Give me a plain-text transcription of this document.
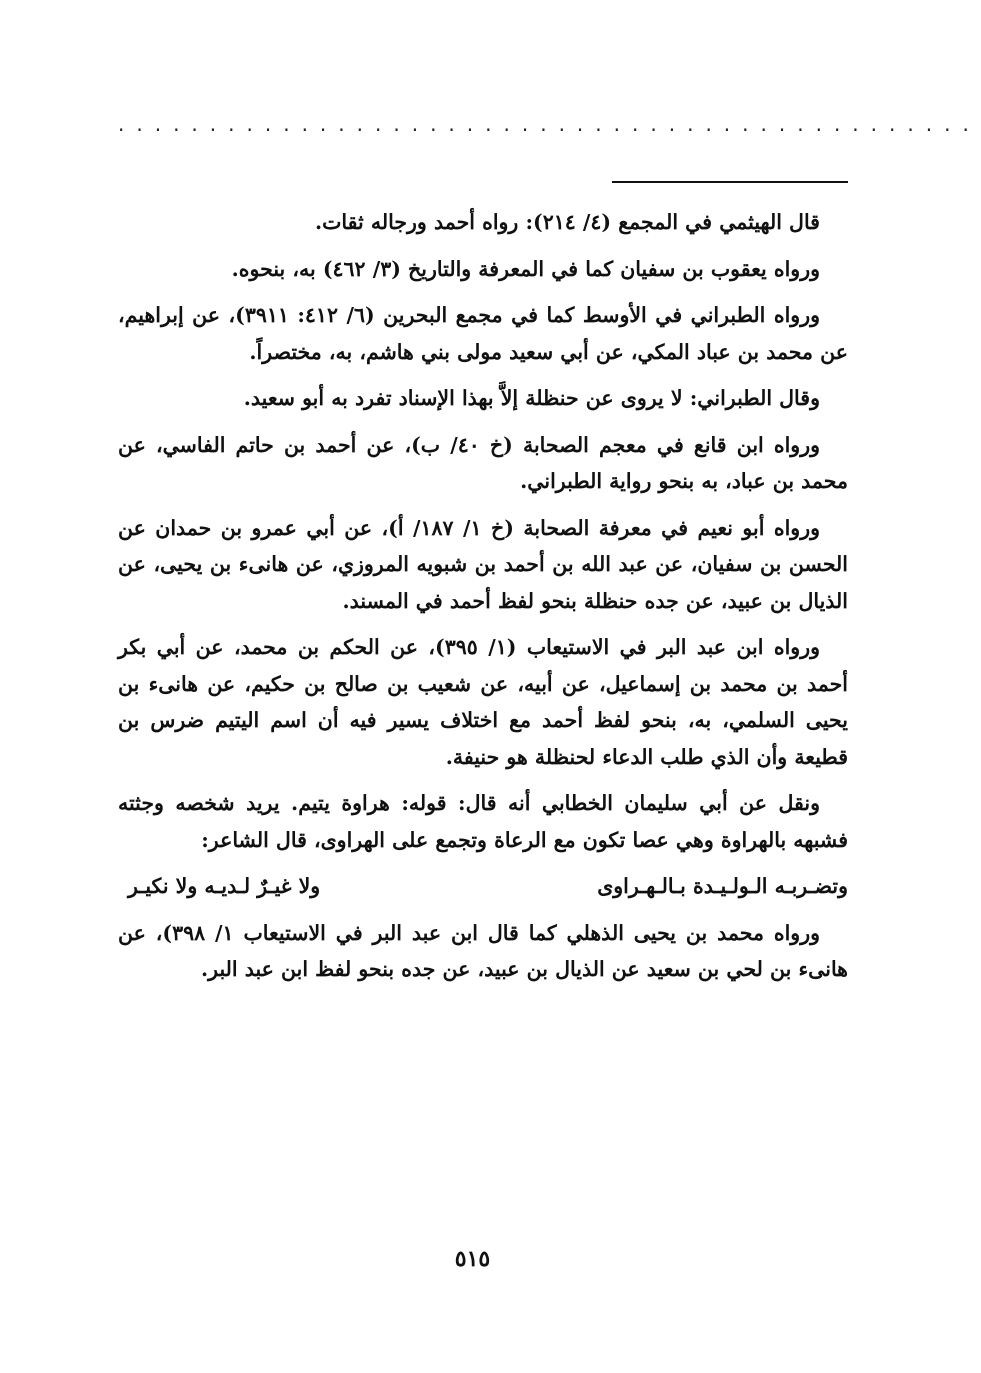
...............................................

قال الهيثمي في المجمع (٤/ ٢١٤): رواه أحمد ورجاله ثقات.

ورواه يعقوب بن سفيان كما في المعرفة والتاريخ (٣/ ٤٦٢) به، بنحوه.

ورواه الطبراني في الأوسط كما في مجمع البحرين (٦/ ٤١٢: ٣٩١١)، عن إبراهيم، عن محمد بن عباد المكي، عن أبي سعيد مولى بني هاشم، به، مختصراً.

وقال الطبراني: لا يروى عن حنظلة إلاَّ بهذا الإسناد تفرد به أبو سعيد.

ورواه ابن قانع في معجم الصحابة (خ ٤٠/ ب)، عن أحمد بن حاتم الفاسي، عن محمد بن عباد، به بنحو رواية الطبراني.

ورواه أبو نعيم في معرفة الصحابة (خ ١/ ١٨٧/ أ)، عن أبي عمرو بن حمدان عن الحسن بن سفيان، عن عبد الله بن أحمد بن شبويه المروزي، عن هانىء بن يحيى، عن الذيال بن عبيد، عن جده حنظلة بنحو لفظ أحمد في المسند.

ورواه ابن عبد البر في الاستيعاب (١/ ٣٩٥)، عن الحكم بن محمد، عن أبي بكر أحمد بن محمد بن إسماعيل، عن أبيه، عن شعيب بن صالح بن حكيم، عن هانىء بن يحيى السلمي، به، بنحو لفظ أحمد مع اختلاف يسير فيه أن اسم اليتيم ضرس بن قطيعة وأن الذي طلب الدعاء لحنظلة هو حنيفة.

ونقل عن أبي سليمان الخطابي أنه قال: قوله: هراوة يتيم. يريد شخصه وجثته فشبهه بالهراوة وهي عصا تكون مع الرعاة وتجمع على الهراوى، قال الشاعر:

وتضـربـه الـولـيـدة بـالـهـراوى
ولا غيـرٌ لـديـه ولا نكيـر

ورواه محمد بن يحيى الذهلي كما قال ابن عبد البر في الاستيعاب ١/ ٣٩٨)، عن هانىء بن لحي بن سعيد عن الذيال بن عبيد، عن جده بنحو لفظ ابن عبد البر.

٥١٥
